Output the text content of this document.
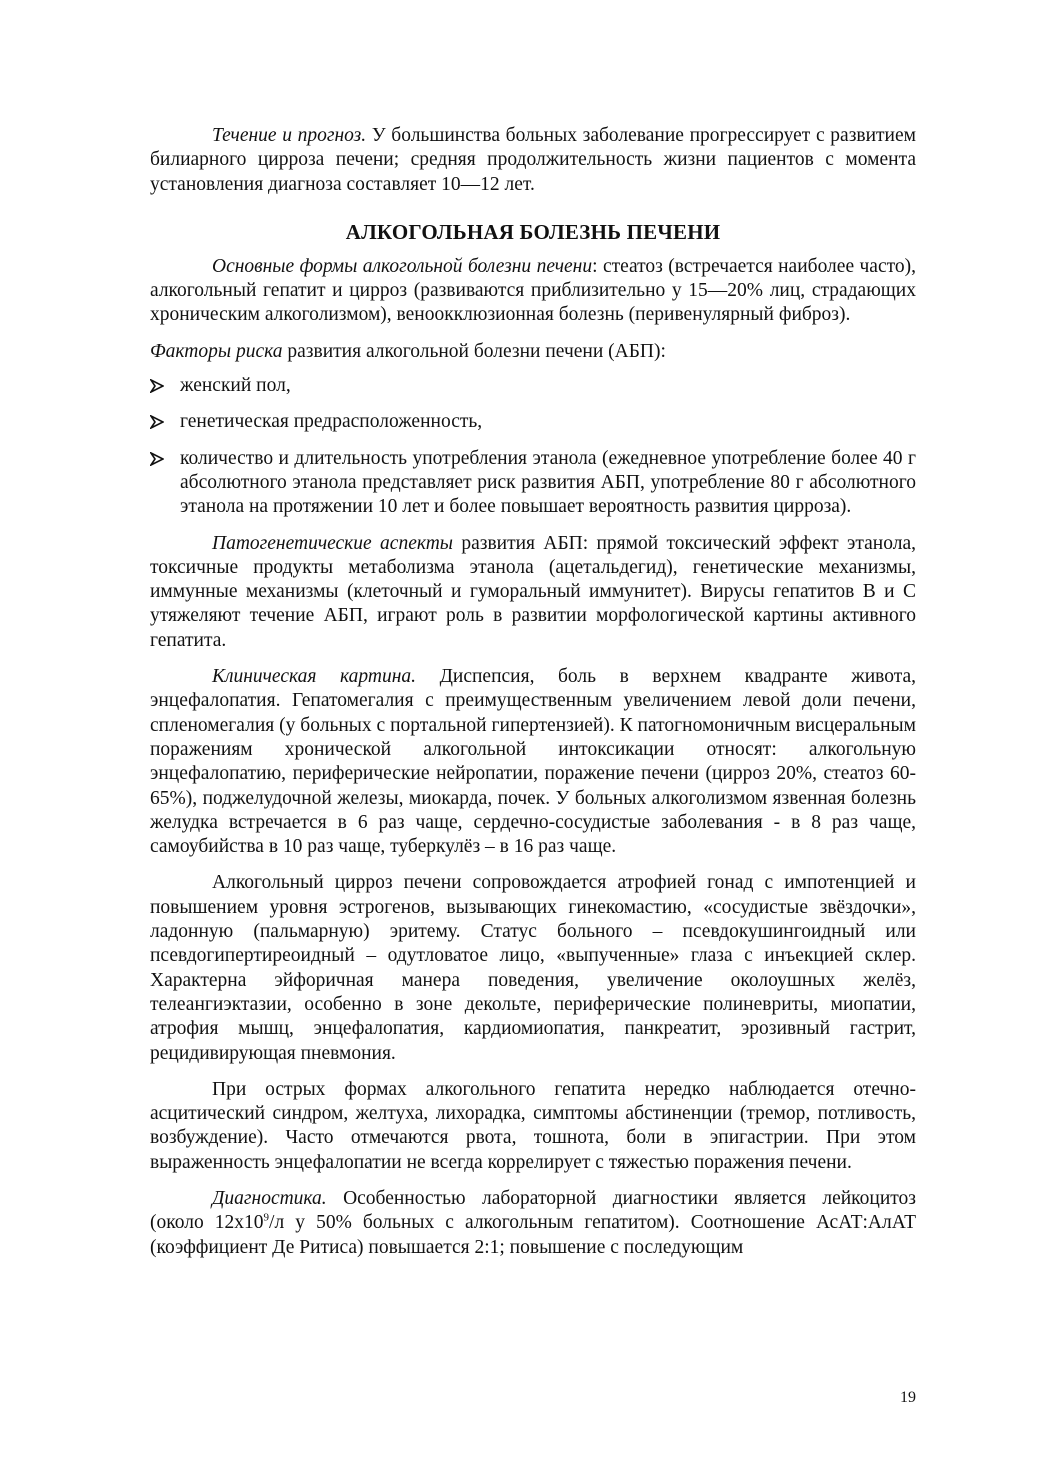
Течение и прогноз. У большинства больных заболевание прогрессирует с развитием билиарного цирроза печени; средняя продолжительность жизни пациентов с момента установления диагноза составляет 10—12 лет.

АЛКОГОЛЬНАЯ БОЛЕЗНЬ ПЕЧЕНИ

Основные формы алкогольной болезни печени: стеатоз (встречается наиболее часто), алкогольный гепатит и цирроз (развиваются приблизительно у 15—20% лиц, страдающих хроническим алкоголизмом), веноокклюзионная болезнь (перивенулярный фиброз).

Факторы риска развития алкогольной болезни печени (АБП):

женский пол,
генетическая предрасположенность,
количество и длительность употребления этанола (ежедневное употребление более 40 г абсолютного этанола представляет риск развития АБП, употребление 80 г абсолютного этанола на протяжении 10 лет и более повышает вероятность развития цирроза).

Патогенетические аспекты развития АБП: прямой токсический эффект этанола, токсичные продукты метаболизма этанола (ацетальдегид), генетические механизмы, иммунные механизмы (клеточный и гуморальный иммунитет). Вирусы гепатитов В и С утяжеляют течение АБП, играют роль в развитии морфологической картины активного гепатита.

Клиническая картина. Диспепсия, боль в верхнем квадранте живота, энцефалопатия. Гепатомегалия с преимущественным увеличением левой доли печени, спленомегалия (у больных с портальной гипертензией). К патогномоничным висцеральным поражениям хронической алкогольной интоксикации относят: алкогольную энцефалопатию, периферические нейропатии, поражение печени (цирроз 20%, стеатоз 60-65%), поджелудочной железы, миокарда, почек. У больных алкоголизмом язвенная болезнь желудка встречается в 6 раз чаще, сердечно-сосудистые заболевания - в 8 раз чаще, самоубийства в 10 раз чаще, туберкулёз – в 16 раз чаще.

Алкогольный цирроз печени сопровождается атрофией гонад с импотенцией и повышением уровня эстрогенов, вызывающих гинекомастию, «сосудистые звёздочки», ладонную (пальмарную) эритему. Статус больного – псевдокушингоидный или псевдогипертиреоидный – одутловатое лицо, «выпученные» глаза с инъекцией склер. Характерна эйфоричная манера поведения, увеличение околоушных желёз, телеангиэктазии, особенно в зоне декольте, периферические полиневриты, миопатии, атрофия мышц, энцефалопатия, кардиомиопатия, панкреатит, эрозивный гастрит, рецидивирующая пневмония.

При острых формах алкогольного гепатита нередко наблюдается отечно-асцитический синдром, желтуха, лихорадка, симптомы абстиненции (тремор, потливость, возбуждение). Часто отмечаются рвота, тошнота, боли в эпигастрии. При этом выраженность энцефалопатии не всегда коррелирует с тяжестью поражения печени.

Диагностика. Особенностью лабораторной диагностики является лейкоцитоз (около $12х10^9/л$ у 50% больных с алкогольным гепатитом). Соотношение АсАТ:АлАТ (коэффициент Де Ритиса) повышается 2:1; повышение с последующим

19
